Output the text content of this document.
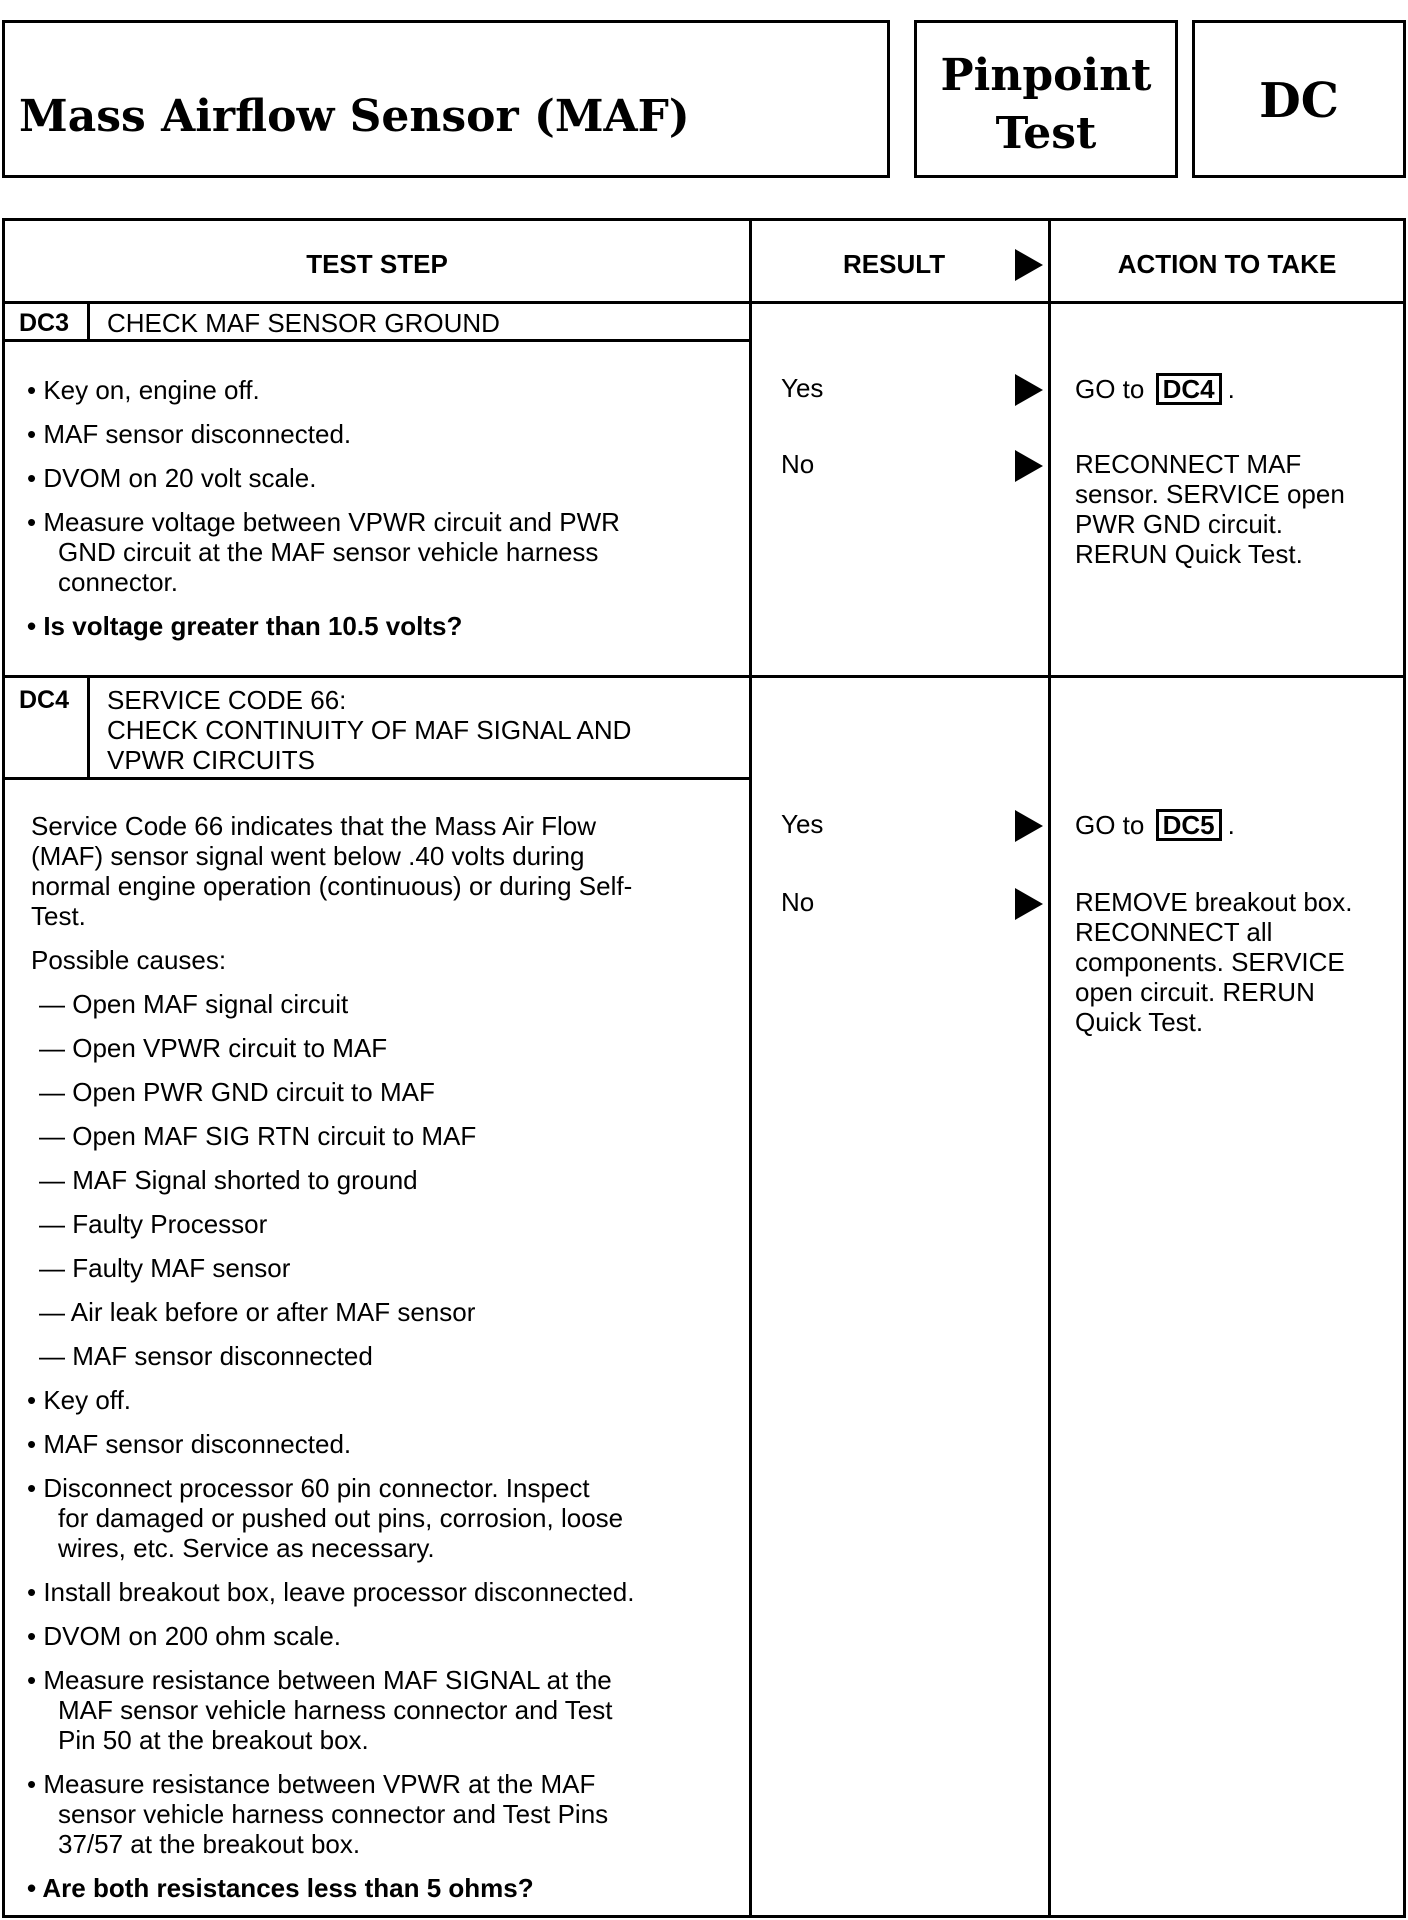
Mass Airflow Sensor (MAF)
Pinpoint
Test
DC
TEST STEP	RESULT	ACTION TO TAKE
DC3 CHECK MAF SENSOR GROUND
• Key on, engine off.
• MAF sensor disconnected.
• DVOM on 20 volt scale.
• Measure voltage between VPWR circuit and PWR
GND circuit at the MAF sensor vehicle harness
connector.
• Is voltage greater than 10.5 volts?
Yes
No
GO to DC4 .
RECONNECT MAF
sensor. SERVICE open
PWR GND circuit.
RERUN Quick Test.
DC4 SERVICE CODE 66:
CHECK CONTINUITY OF MAF SIGNAL AND
VPWR CIRCUITS
Service Code 66 indicates that the Mass Air Flow
(MAF) sensor signal went below .40 volts during
normal engine operation (continuous) or during Self-
Test.
Possible causes:
— Open MAF signal circuit
— Open VPWR circuit to MAF
— Open PWR GND circuit to MAF
— Open MAF SIG RTN circuit to MAF
— MAF Signal shorted to ground
— Faulty Processor
— Faulty MAF sensor
— Air leak before or after MAF sensor
— MAF sensor disconnected
• Key off.
• MAF sensor disconnected.
• Disconnect processor 60 pin connector. Inspect
for damaged or pushed out pins, corrosion, loose
wires, etc. Service as necessary.
• Install breakout box, leave processor disconnected.
• DVOM on 200 ohm scale.
• Measure resistance between MAF SIGNAL at the
MAF sensor vehicle harness connector and Test
Pin 50 at the breakout box.
• Measure resistance between VPWR at the MAF
sensor vehicle harness connector and Test Pins
37/57 at the breakout box.
• Are both resistances less than 5 ohms?
Yes
No
GO to DC5 .
REMOVE breakout box.
RECONNECT all
components. SERVICE
open circuit. RERUN
Quick Test.
